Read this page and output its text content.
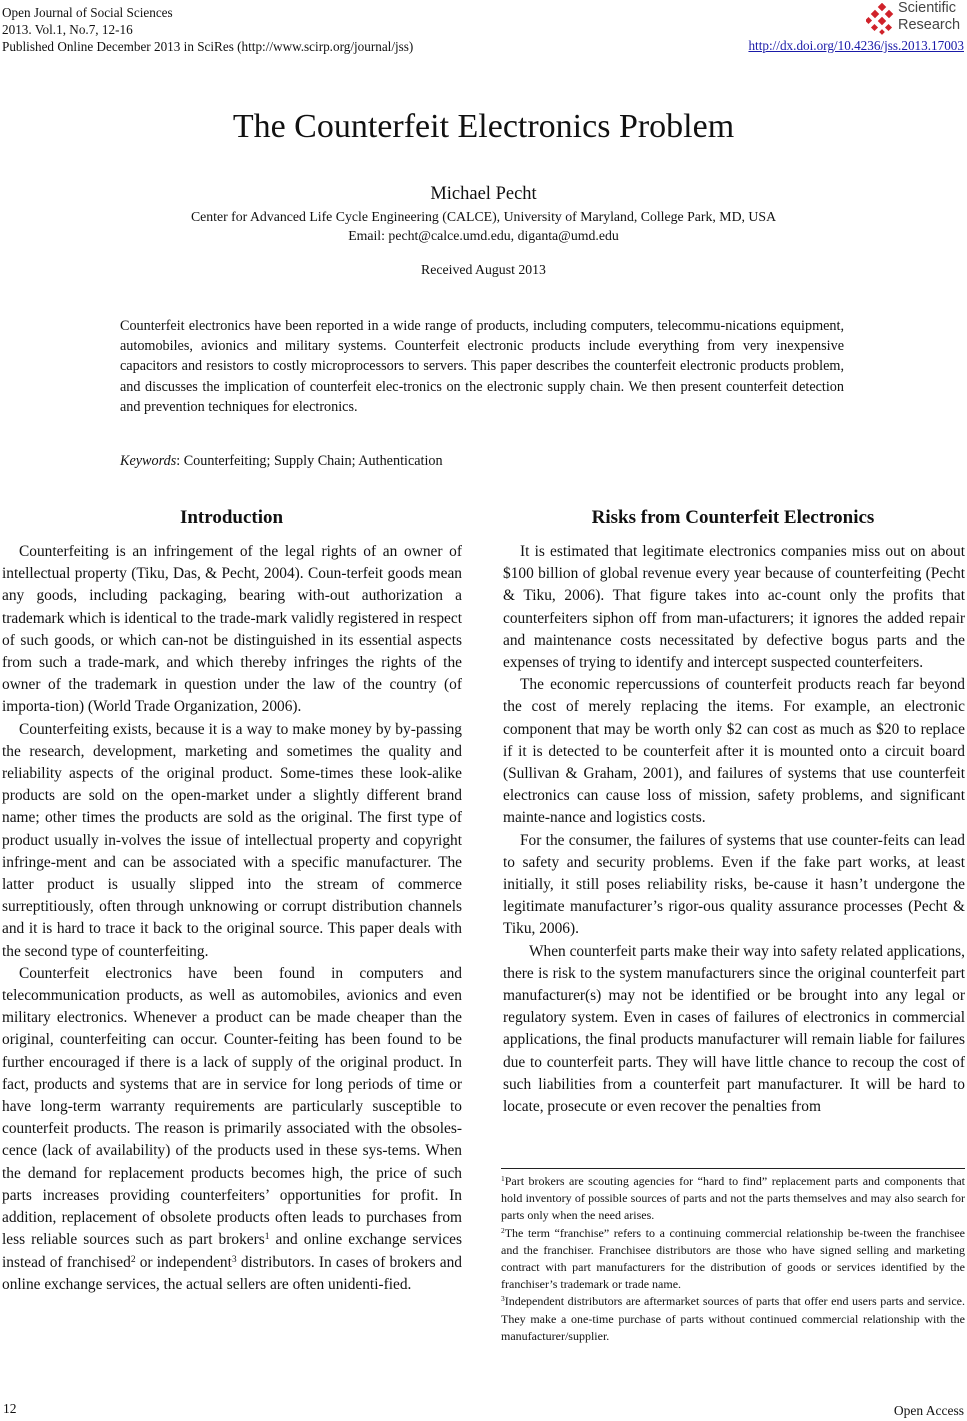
Open Journal of Social Sciences
2013. Vol.1, No.7, 12-16
Published Online December 2013 in SciRes (http://www.scirp.org/journal/jss)
Scientific
Research
http://dx.doi.org/10.4236/jss.2013.17003
The Counterfeit Electronics Problem
Michael Pecht
Center for Advanced Life Cycle Engineering (CALCE), University of Maryland, College Park, MD, USA
Email: pecht@calce.umd.edu, diganta@umd.edu
Received August 2013
Counterfeit electronics have been reported in a wide range of products, including computers, telecommu-nications equipment, automobiles, avionics and military systems. Counterfeit electronic products include everything from very inexpensive capacitors and resistors to costly microprocessors to servers. This paper describes the counterfeit electronic products problem, and discusses the implication of counterfeit elec-tronics on the electronic supply chain. We then present counterfeit detection and prevention techniques for electronics.
Keywords: Counterfeiting; Supply Chain; Authentication
Introduction

Counterfeiting is an infringement of the legal rights of an owner of intellectual property (Tiku, Das, & Pecht, 2004). Coun-terfeit goods mean any goods, including packaging, bearing with-out authorization a trademark which is identical to the trade-mark validly registered in respect of such goods, or which can-not be distinguished in its essential aspects from such a trade-mark, and which thereby infringes the rights of the owner of the trademark in question under the law of the country (of importa-tion) (World Trade Organization, 2006).

Counterfeiting exists, because it is a way to make money by by-passing the research, development, marketing and sometimes the quality and reliability aspects of the original product. Some-times these look-alike products are sold on the open-market under a slightly different brand name; other times the products are sold as the original. The first type of product usually in-volves the issue of intellectual property and copyright infringe-ment and can be associated with a specific manufacturer. The latter product is usually slipped into the stream of commerce surreptitiously, often through unknowing or corrupt distribution channels and it is hard to trace it back to the original source. This paper deals with the second type of counterfeiting.

Counterfeit electronics have been found in computers and telecommunication products, as well as automobiles, avionics and even military electronics. Whenever a product can be made cheaper than the original, counterfeiting can occur. Counter-feiting has been found to be further encouraged if there is a lack of supply of the original product. In fact, products and systems that are in service for long periods of time or have long-term warranty requirements are particularly susceptible to counterfeit products. The reason is primarily associated with the obsoles-cence (lack of availability) of the products used in these sys-tems. When the demand for replacement products becomes high, the price of such parts increases providing counterfeiters’ opportunities for profit. In addition, replacement of obsolete products often leads to purchases from less reliable sources such as part brokers$^1$ and online exchange services instead of franchised$^2$ or independent$^3$ distributors. In cases of brokers and online exchange services, the actual sellers are often unidenti-fied.

Risks from Counterfeit Electronics

It is estimated that legitimate electronics companies miss out on about $100 billion of global revenue every year because of counterfeiting (Pecht & Tiku, 2006). That figure takes into ac-count only the profits that counterfeiters siphon off from man-ufacturers; it ignores the added repair and maintenance costs necessitated by defective bogus parts and the expenses of trying to identify and intercept suspected counterfeiters.

The economic repercussions of counterfeit products reach far beyond the cost of merely replacing the items. For example, an electronic component that may be worth only $2 can cost as much as $20 to replace if it is detected to be counterfeit after it is mounted onto a circuit board (Sullivan & Graham, 2001), and failures of systems that use counterfeit electronics can cause loss of mission, safety problems, and significant mainte-nance and logistics costs.

For the consumer, the failures of systems that use counter-feits can lead to safety and security problems. Even if the fake part works, at least initially, it still poses reliability risks, be-cause it hasn’t undergone the legitimate manufacturer’s rigor-ous quality assurance processes (Pecht & Tiku, 2006).

When counterfeit parts make their way into safety related applications, there is risk to the system manufacturers since the original counterfeit part manufacturer(s) may not be identified or be brought into any legal or regulatory system. Even in cases of failures of electronics in commercial applications, the final products manufacturer will remain liable for failures due to counterfeit parts. They will have little chance to recoup the cost of such liabilities from a counterfeit part manufacturer. It will be hard to locate, prosecute or even recover the penalties from

$^1$Part brokers are scouting agencies for “hard to find” replacement parts and components that hold inventory of possible sources of parts and not the parts themselves and may also search for parts only when the need arises.

$^2$The term “franchise” refers to a continuing commercial relationship be-tween the franchisee and the franchiser. Franchisee distributors are those who have signed selling and marketing contract with part manufacturers for the distribution of goods or services identified by the franchiser’s trademark or trade name.

$^3$Independent distributors are aftermarket sources of parts that offer end users parts and service. They make a one-time purchase of parts without continued commercial relationship with the manufacturer/supplier.

12	Open Access
